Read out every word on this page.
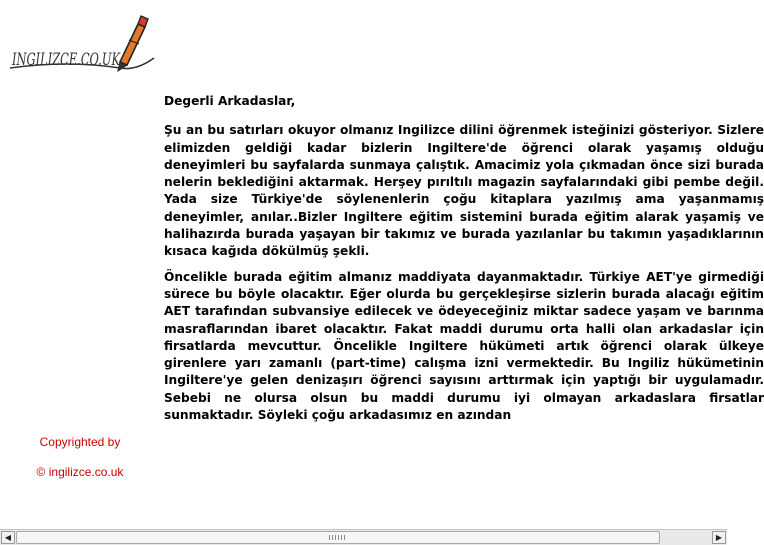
INGILIZCE.CO.UK

Degerli Arkadaslar,

Şu an bu satırları okuyor olmanız Ingilizce dilini öğrenmek isteğinizi gösteriyor. Sizlere elimizden geldiği kadar bizlerin Ingiltere'de öğrenci olarak yaşamış olduğu deneyimleri bu sayfalarda sunmaya çalıştık. Amacimiz yola çıkmadan önce sizi burada nelerin beklediğini aktarmak. Herşey pırıltılı magazin sayfalarındaki gibi pembe değil. Yada size Türkiye'de söylenenlerin çoğu kitaplara yazılmış ama yaşanmamış deneyimler, anılar..Bizler Ingiltere eğitim sistemini burada eğitim alarak yaşamiş ve halihazırda burada yaşayan bir takımız ve burada yazılanlar bu takımın yaşadıklarının kısaca kağıda dökülmüş şekli.

Öncelikle burada eğitim almanız maddiyata dayanmaktadır. Türkiye AET'ye girmediği sürece bu böyle olacaktır. Eğer olurda bu gerçekleşirse sizlerin burada alacağı eğitim AET tarafından subvansiye edilecek ve ödeyeceğiniz miktar sadece yaşam ve barınma masraflarından ibaret olacaktır. Fakat maddi durumu orta halli olan arkadaslar için firsatlarda mevcuttur. Öncelikle Ingiltere hükümeti artık öğrenci olarak ülkeye girenlere yarı zamanlı (part-time) calışma izni vermektedir. Bu Ingiliz hükümetinin Ingiltere'ye gelen denizaşırı öğrenci sayısını arttırmak için yaptığı bir uygulamadır. Sebebi ne olursa olsun bu maddi durumu iyi olmayan arkadaslara firsatlar sunmaktadır. Söyleki çoğu arkadasımız en azından

Copyrighted by
© ingilizce.co.uk
◀	▶
